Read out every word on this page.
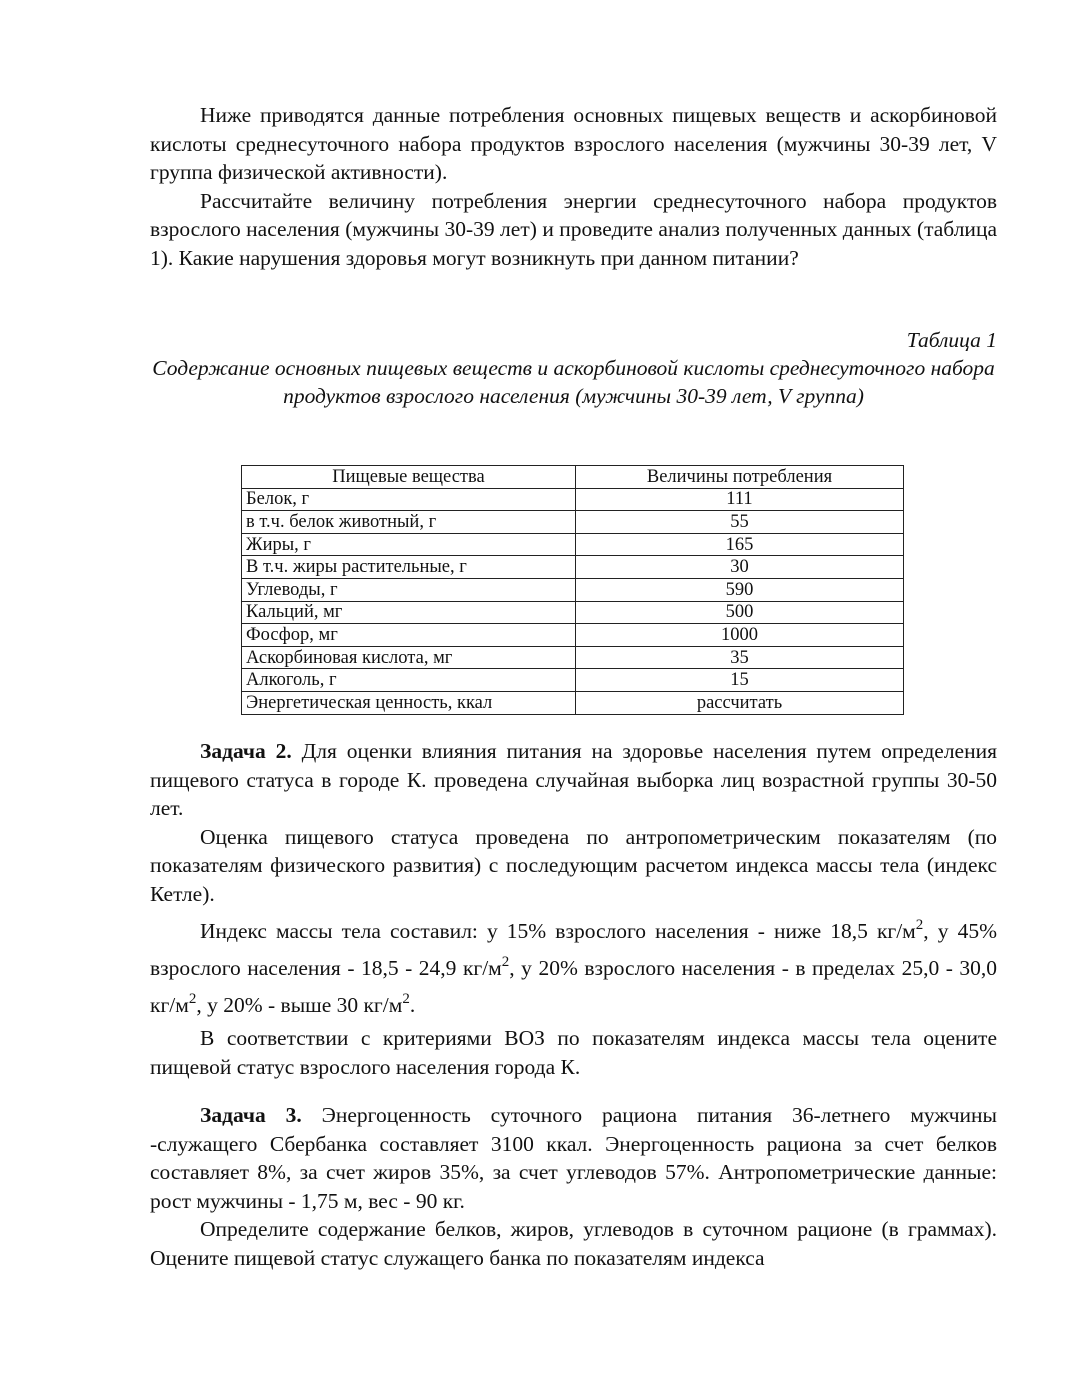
Ниже приводятся данные потребления основных пищевых веществ и аскорбиновой кислоты среднесуточного набора продуктов взрослого населения (мужчины 30-39 лет, V группа физической активности).

Рассчитайте величину потребления энергии среднесуточного набора продуктов взрослого населения (мужчины 30-39 лет) и проведите анализ полученных данных (таблица 1). Какие нарушения здоровья могут возникнуть при данном питании?

Таблица 1
Содержание основных пищевых веществ и аскорбиновой кислоты среднесуточного набора продуктов взрослого населения (мужчины 30-39 лет, V группа)
Пищевые вещества	Величины потребления
Белок, г	111
в т.ч. белок животный, г	55
Жиры, г	165
В т.ч. жиры растительные, г	30
Углеводы, г	590
Кальций, мг	500
Фосфор, мг	1000
Аскорбиновая кислота, мг	35
Алкоголь, г	15
Энергетическая ценность, ккал	рассчитать

Задача 2. Для оценки влияния питания на здоровье населения путем определения пищевого статуса в городе К. проведена случайная выборка лиц возрастной группы 30-50 лет.

Оценка пищевого статуса проведена по антропометрическим показателям (по показателям физического развития) с последующим расчетом индекса массы тела (индекс Кетле).

Индекс массы тела составил: у 15% взрослого населения - ниже 18,5 $кг/м^2$, у 45% взрослого населения - 18,5 - 24,9 $кг/м^2$, у 20% взрослого населения - в пределах 25,0 - 30,0 $кг/м^2$, у 20% - выше 30 $кг/м^2$.

В соответствии с критериями ВОЗ по показателям индекса массы тела оцените пищевой статус взрослого населения города К.

Задача 3. Энергоценность суточного рациона питания 36-летнего мужчины -служащего Сбербанка составляет 3100 ккал. Энергоценность рациона за счет белков составляет 8%, за счет жиров 35%, за счет углеводов 57%. Антропометрические данные: рост мужчины - 1,75 м, вес - 90 кг.

Определите содержание белков, жиров, углеводов в суточном рационе (в граммах). Оцените пищевой статус служащего банка по показателям индекса
